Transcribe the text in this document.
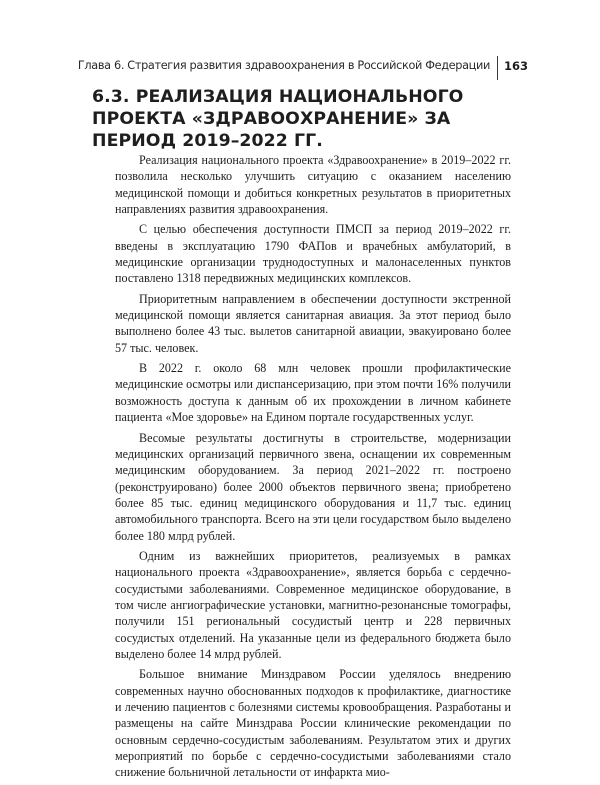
Глава 6. Стратегия развития здравоохранения в Российской Федерации 163
6.3. РЕАЛИЗАЦИЯ НАЦИОНАЛЬНОГО ПРОЕКТА «ЗДРАВООХРАНЕНИЕ» ЗА ПЕРИОД 2019–2022 ГГ.

Реализация национального проекта «Здравоохранение» в 2019–2022 гг. позволила несколько улучшить ситуацию с оказанием населению медицинской помощи и добиться конкретных результатов в приоритетных направлениях развития здравоохранения.

С целью обеспечения доступности ПМСП за период 2019–2022 гг. введены в эксплуатацию 1790 ФАПов и врачебных амбулаторий, в медицинские организации труднодоступных и малонаселенных пунктов поставлено 1318 передвижных медицинских комплексов.

Приоритетным направлением в обеспечении доступности экстренной медицинской помощи является санитарная авиация. За этот период было выполнено более 43 тыс. вылетов санитарной авиации, эвакуировано более 57 тыс. человек.

В 2022 г. около 68 млн человек прошли профилактические медицинские осмотры или диспансеризацию, при этом почти 16% получили возможность доступа к данным об их прохождении в личном кабинете пациента «Мое здоровье» на Едином портале государственных услуг.

Весомые результаты достигнуты в строительстве, модернизации медицинских организаций первичного звена, оснащении их современным медицинским оборудованием. За период 2021–2022 гг. построено (реконструировано) более 2000 объектов первичного звена; приобретено более 85 тыс. единиц медицинского оборудования и 11,7 тыс. единиц автомобильного транспорта. Всего на эти цели государством было выделено более 180 млрд рублей.

Одним из важнейших приоритетов, реализуемых в рамках национального проекта «Здравоохранение», является борьба с сердечно-сосудистыми заболеваниями. Современное медицинское оборудование, в том числе ангиографические установки, магнитно-резонансные томографы, получили 151 региональный сосудистый центр и 228 первичных сосудистых отделений. На указанные цели из федерального бюджета было выделено более 14 млрд рублей.

Большое внимание Минздравом России уделялось внедрению современных научно обоснованных подходов к профилактике, диагностике и лечению пациентов с болезнями системы кровообращения. Разработаны и размещены на сайте Минздрава России клинические рекомендации по основным сердечно-сосудистым заболеваниям. Результатом этих и других мероприятий по борьбе с сердечно-сосудистыми заболеваниями стало снижение больничной летальности от инфаркта мио-
